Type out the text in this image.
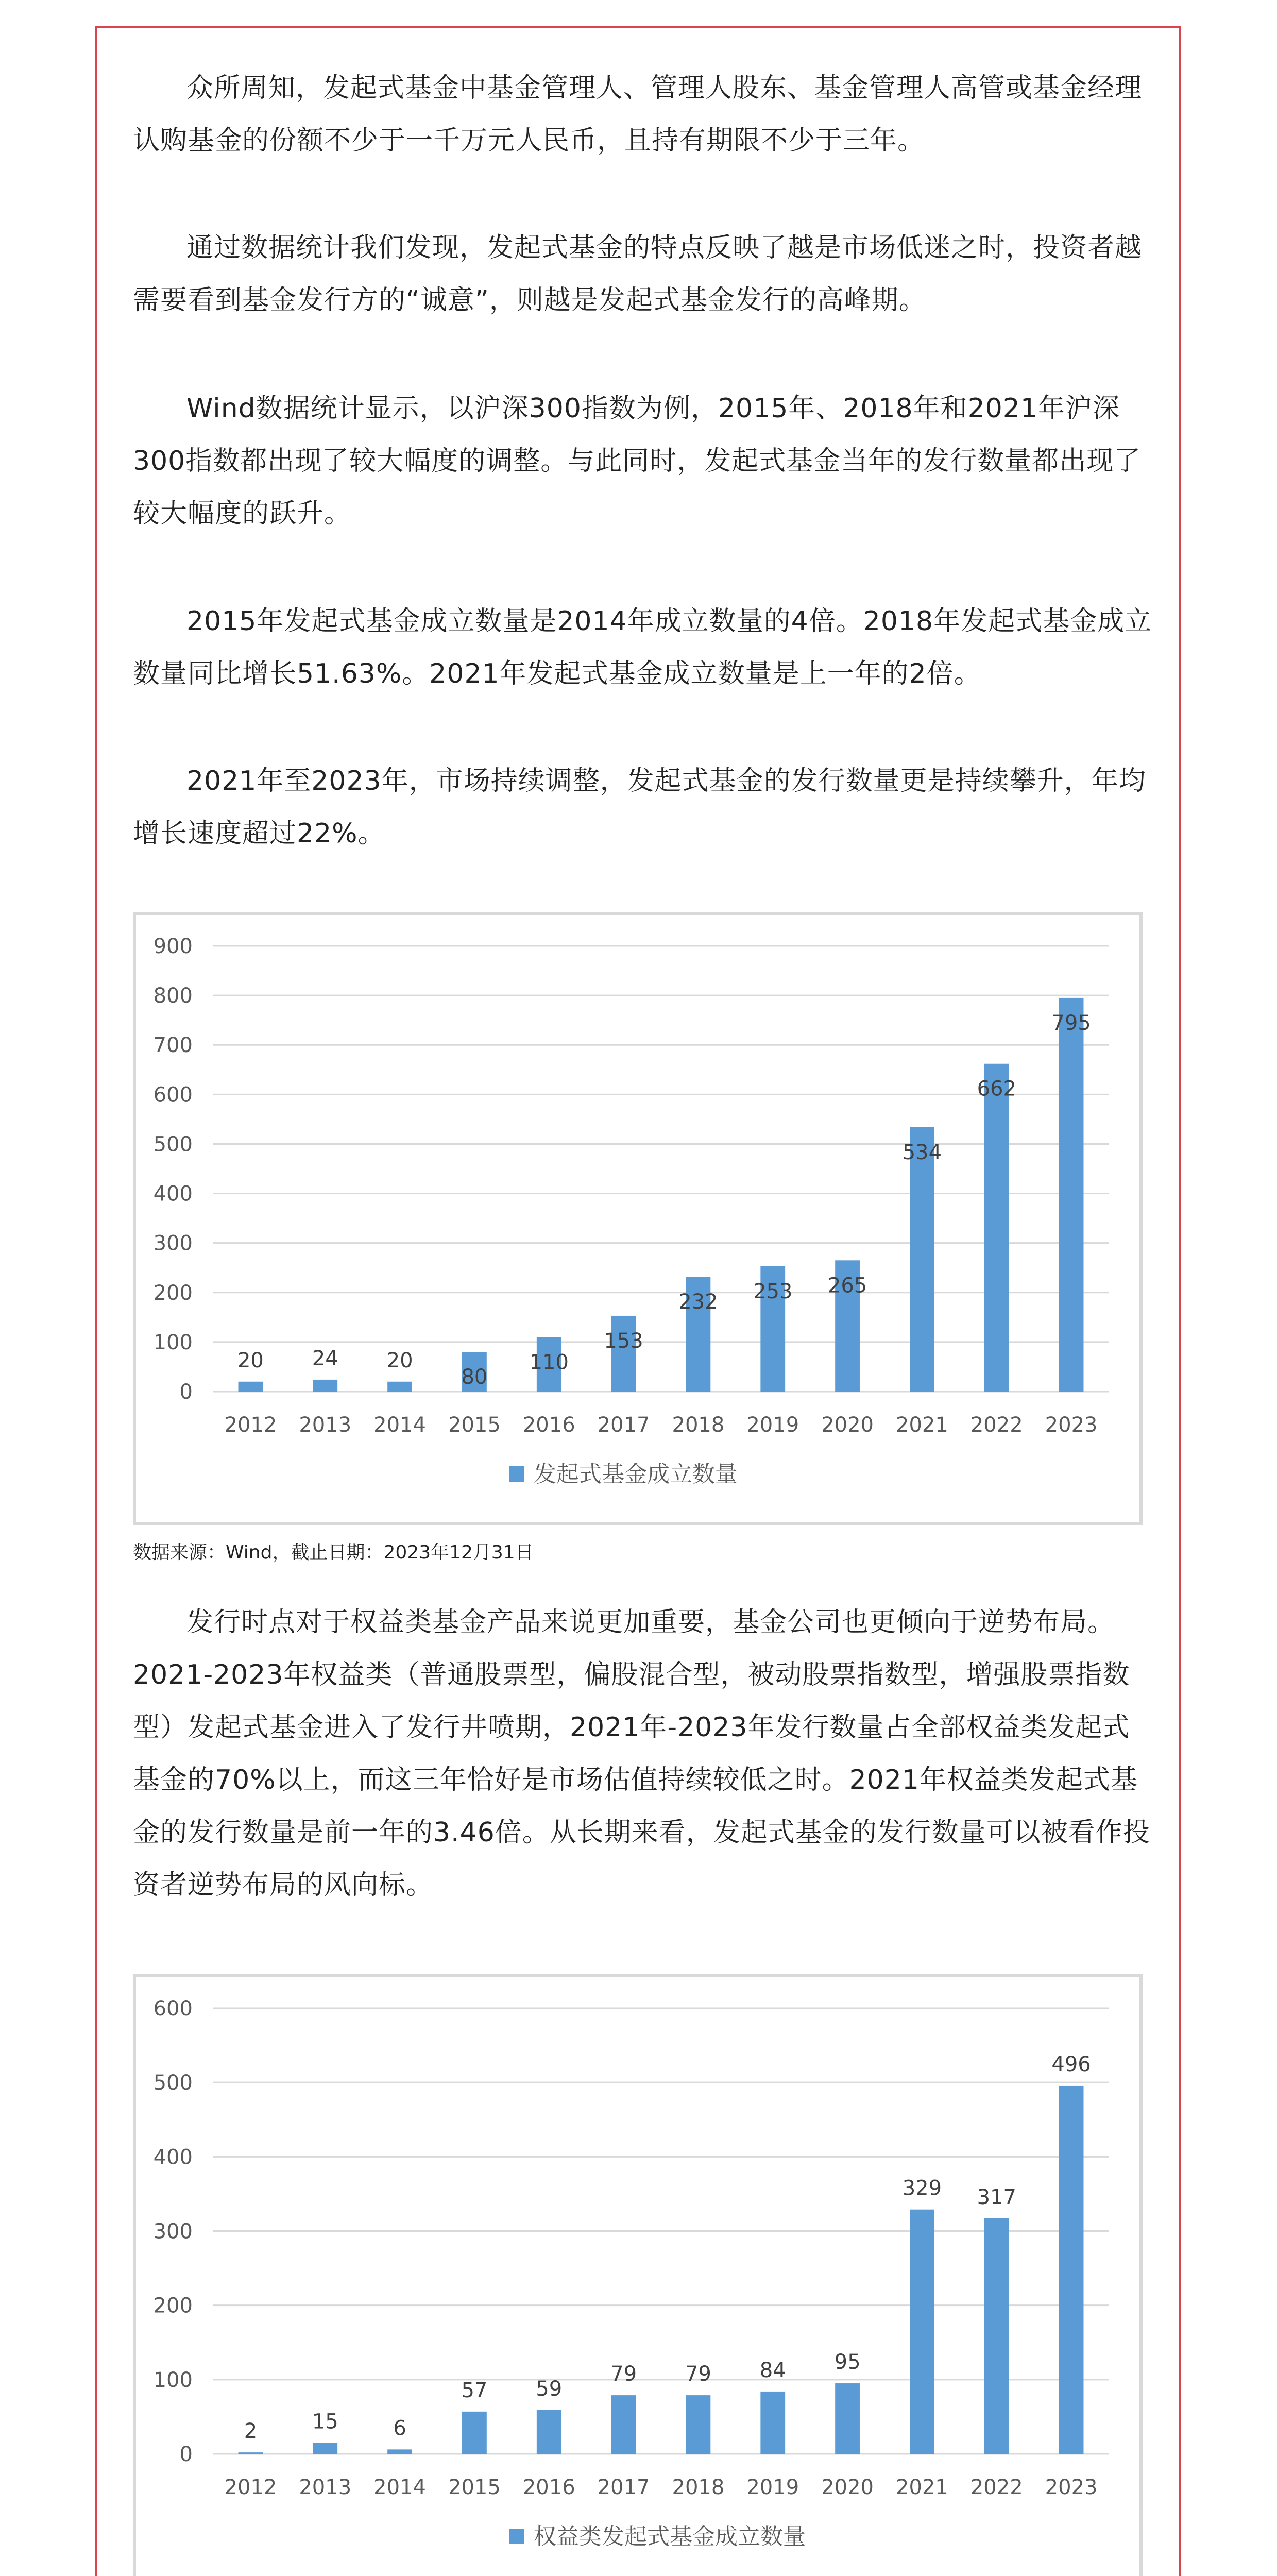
众所周知，发起式基金中基金管理人、管理人股东、基金管理人高管或基金经理认购基金的份额不少于一千万元人民币，且持有期限不少于三年。

通过数据统计我们发现，发起式基金的特点反映了越是市场低迷之时，投资者越需要看到基金发行方的“诚意”，则越是发起式基金发行的高峰期。

Wind数据统计显示，以沪深300指数为例，2015年、2018年和2021年沪深300指数都出现了较大幅度的调整。与此同时，发起式基金当年的发行数量都出现了较大幅度的跃升。

2015年发起式基金成立数量是2014年成立数量的4倍。2018年发起式基金成立数量同比增长51.63%。2021年发起式基金成立数量是上一年的2倍。

2021年至2023年，市场持续调整，发起式基金的发行数量更是持续攀升，年均增长速度超过22%。

0
100
200
300
400
500
600
700
800
900
20
2012
24
2013
20
2014
80
2015
110
2016
153
2017
232
2018
253
2019
265
2020
534
2021
662
2022
795
2023
发起式基金成立数量

数据来源：Wind，截止日期：2023年12月31日

发行时点对于权益类基金产品来说更加重要，基金公司也更倾向于逆势布局。2021-2023年权益类（普通股票型，偏股混合型，被动股票指数型，增强股票指数型）发起式基金进入了发行井喷期，2021年-2023年发行数量占全部权益类发起式基金的70%以上，而这三年恰好是市场估值持续较低之时。2021年权益类发起式基金的发行数量是前一年的3.46倍。从长期来看，发起式基金的发行数量可以被看作投资者逆势布局的风向标。

0
100
200
300
400
500
600
2
2012
15
2013
6
2014
57
2015
59
2016
79
2017
79
2018
84
2019
95
2020
329
2021
317
2022
496
2023
权益类发起式基金成立数量
